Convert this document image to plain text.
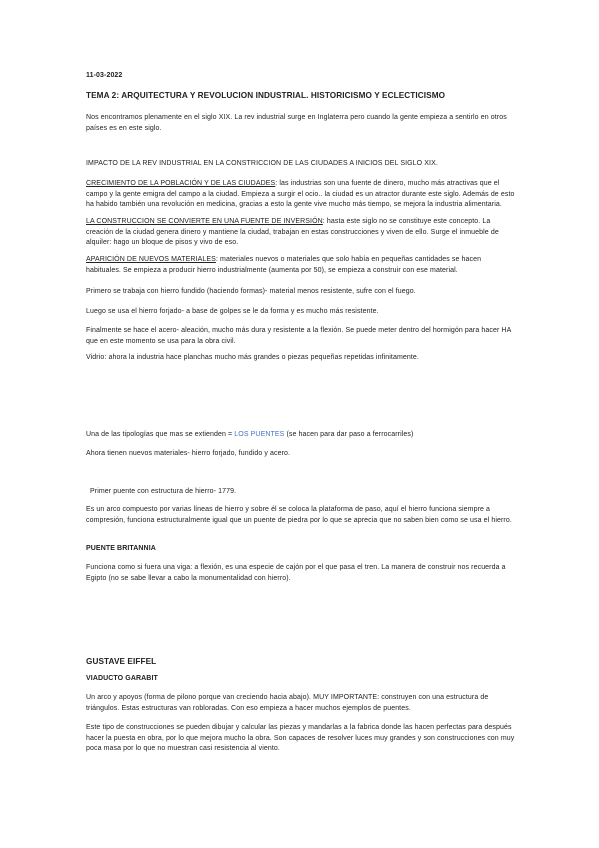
11-03-2022

TEMA 2: ARQUITECTURA Y REVOLUCION INDUSTRIAL. HISTORICISMO Y ECLECTICISMO

Nos encontramos plenamente en el siglo XIX. La rev industrial surge en Inglaterra pero cuando la gente empieza a sentirlo en otros países es en este siglo.

IMPACTO DE LA REV INDUSTRIAL EN LA CONSTRICCION DE LAS CIUDADES A INICIOS DEL SIGLO XIX.

CRECIMIENTO DE LA POBLACIÓN Y DE LAS CIUDADES: las industrias son una fuente de dinero, mucho más atractivas que el campo y la gente emigra del campo a la ciudad. Empieza a surgir el ocio.. la ciudad es un atractor durante este siglo. Además de esto ha habido también una revolución en medicina, gracias a esto la gente vive mucho más tiempo, se mejora la industria alimentaria.

LA CONSTRUCCION SE CONVIERTE EN UNA FUENTE DE INVERSIÓN: hasta este siglo no se constituye este concepto. La creación de la ciudad genera dinero y mantiene la ciudad, trabajan en estas construcciones y viven de ello. Surge el inmueble de alquiler: hago un bloque de pisos y vivo de eso.

APARICIÓN DE NUEVOS MATERIALES: materiales nuevos o materiales que solo había en pequeñas cantidades se hacen habituales. Se empieza a producir hierro industrialmente (aumenta por 50), se empieza a construir con ese material.

Primero se trabaja con hierro fundido (haciendo formas)- material menos resistente, sufre con el fuego.

Luego se usa el hierro forjado- a base de golpes se le da forma y es mucho más resistente.

Finalmente se hace el acero- aleación, mucho más dura y resistente a la flexión. Se puede meter dentro del hormigón para hacer HA que en este momento se usa para la obra civil.

Vidrio: ahora la industria hace planchas mucho más grandes o piezas pequeñas repetidas infinitamente.

Una de las tipologías que mas se extienden = LOS PUENTES (se hacen para dar paso a ferrocarriles)

Ahora tienen nuevos materiales- hierro forjado, fundido y acero.

Primer puente con estructura de hierro- 1779.

Es un arco compuesto por varias líneas de hierro y sobre él se coloca la plataforma de paso, aquí el hierro funciona siempre a compresión, funciona estructuralmente igual que un puente de piedra por lo que se aprecia que no saben bien como se usa el hierro.

PUENTE BRITANNIA

Funciona como si fuera una viga: a flexión, es una especie de cajón por el que pasa el tren. La manera de construir nos recuerda a Egipto (no se sabe llevar a cabo la monumentalidad con hierro).

GUSTAVE EIFFEL

VIADUCTO GARABIT

Un arco y apoyos (forma de pilono porque van creciendo hacia abajo). MUY IMPORTANTE: construyen con una estructura de triángulos. Estas estructuras van robloradas. Con eso empieza a hacer muchos ejemplos de puentes.

Este tipo de construcciones se pueden dibujar y calcular las piezas y mandarlas a la fabrica donde las hacen perfectas para después hacer la puesta en obra, por lo que mejora mucho la obra. Son capaces de resolver luces muy grandes y son construcciones con muy poca masa por lo que no muestran casi resistencia al viento.
